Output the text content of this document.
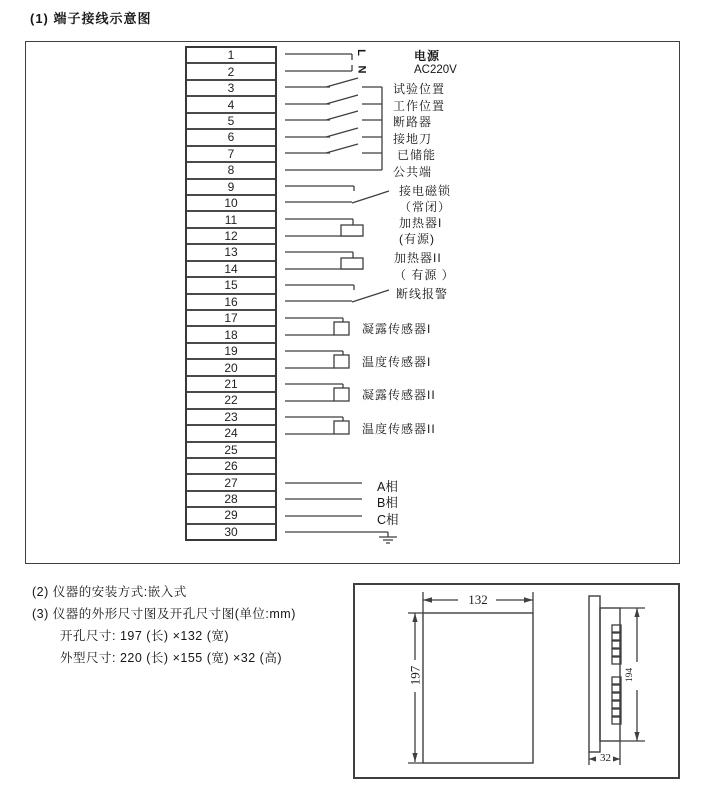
(1) 端子接线示意图
1
2
3
4
5
6
7
8
9
10
11
12
13
14
15
16
17
18
19
20
21
22
23
24
25
26
27
28
29
30
L
N
电源
AC220V
试验位置
工作位置
断路器
接地刀
已储能
公共端
接电磁锁
（常闭）
加热器I
(有源)
加热器II
（ 有源 ）
断线报警
凝露传感器I
温度传感器I
凝露传感器II
温度传感器II
A相
B相
C相
(2) 仪器的安装方式:嵌入式
(3) 仪器的外形尺寸图及开孔尺寸图(单位:mm)
开孔尺寸: 197 (长) ×132 (宽)
外型尺寸: 220 (长) ×155 (宽) ×32 (高)
132
197	194
32
